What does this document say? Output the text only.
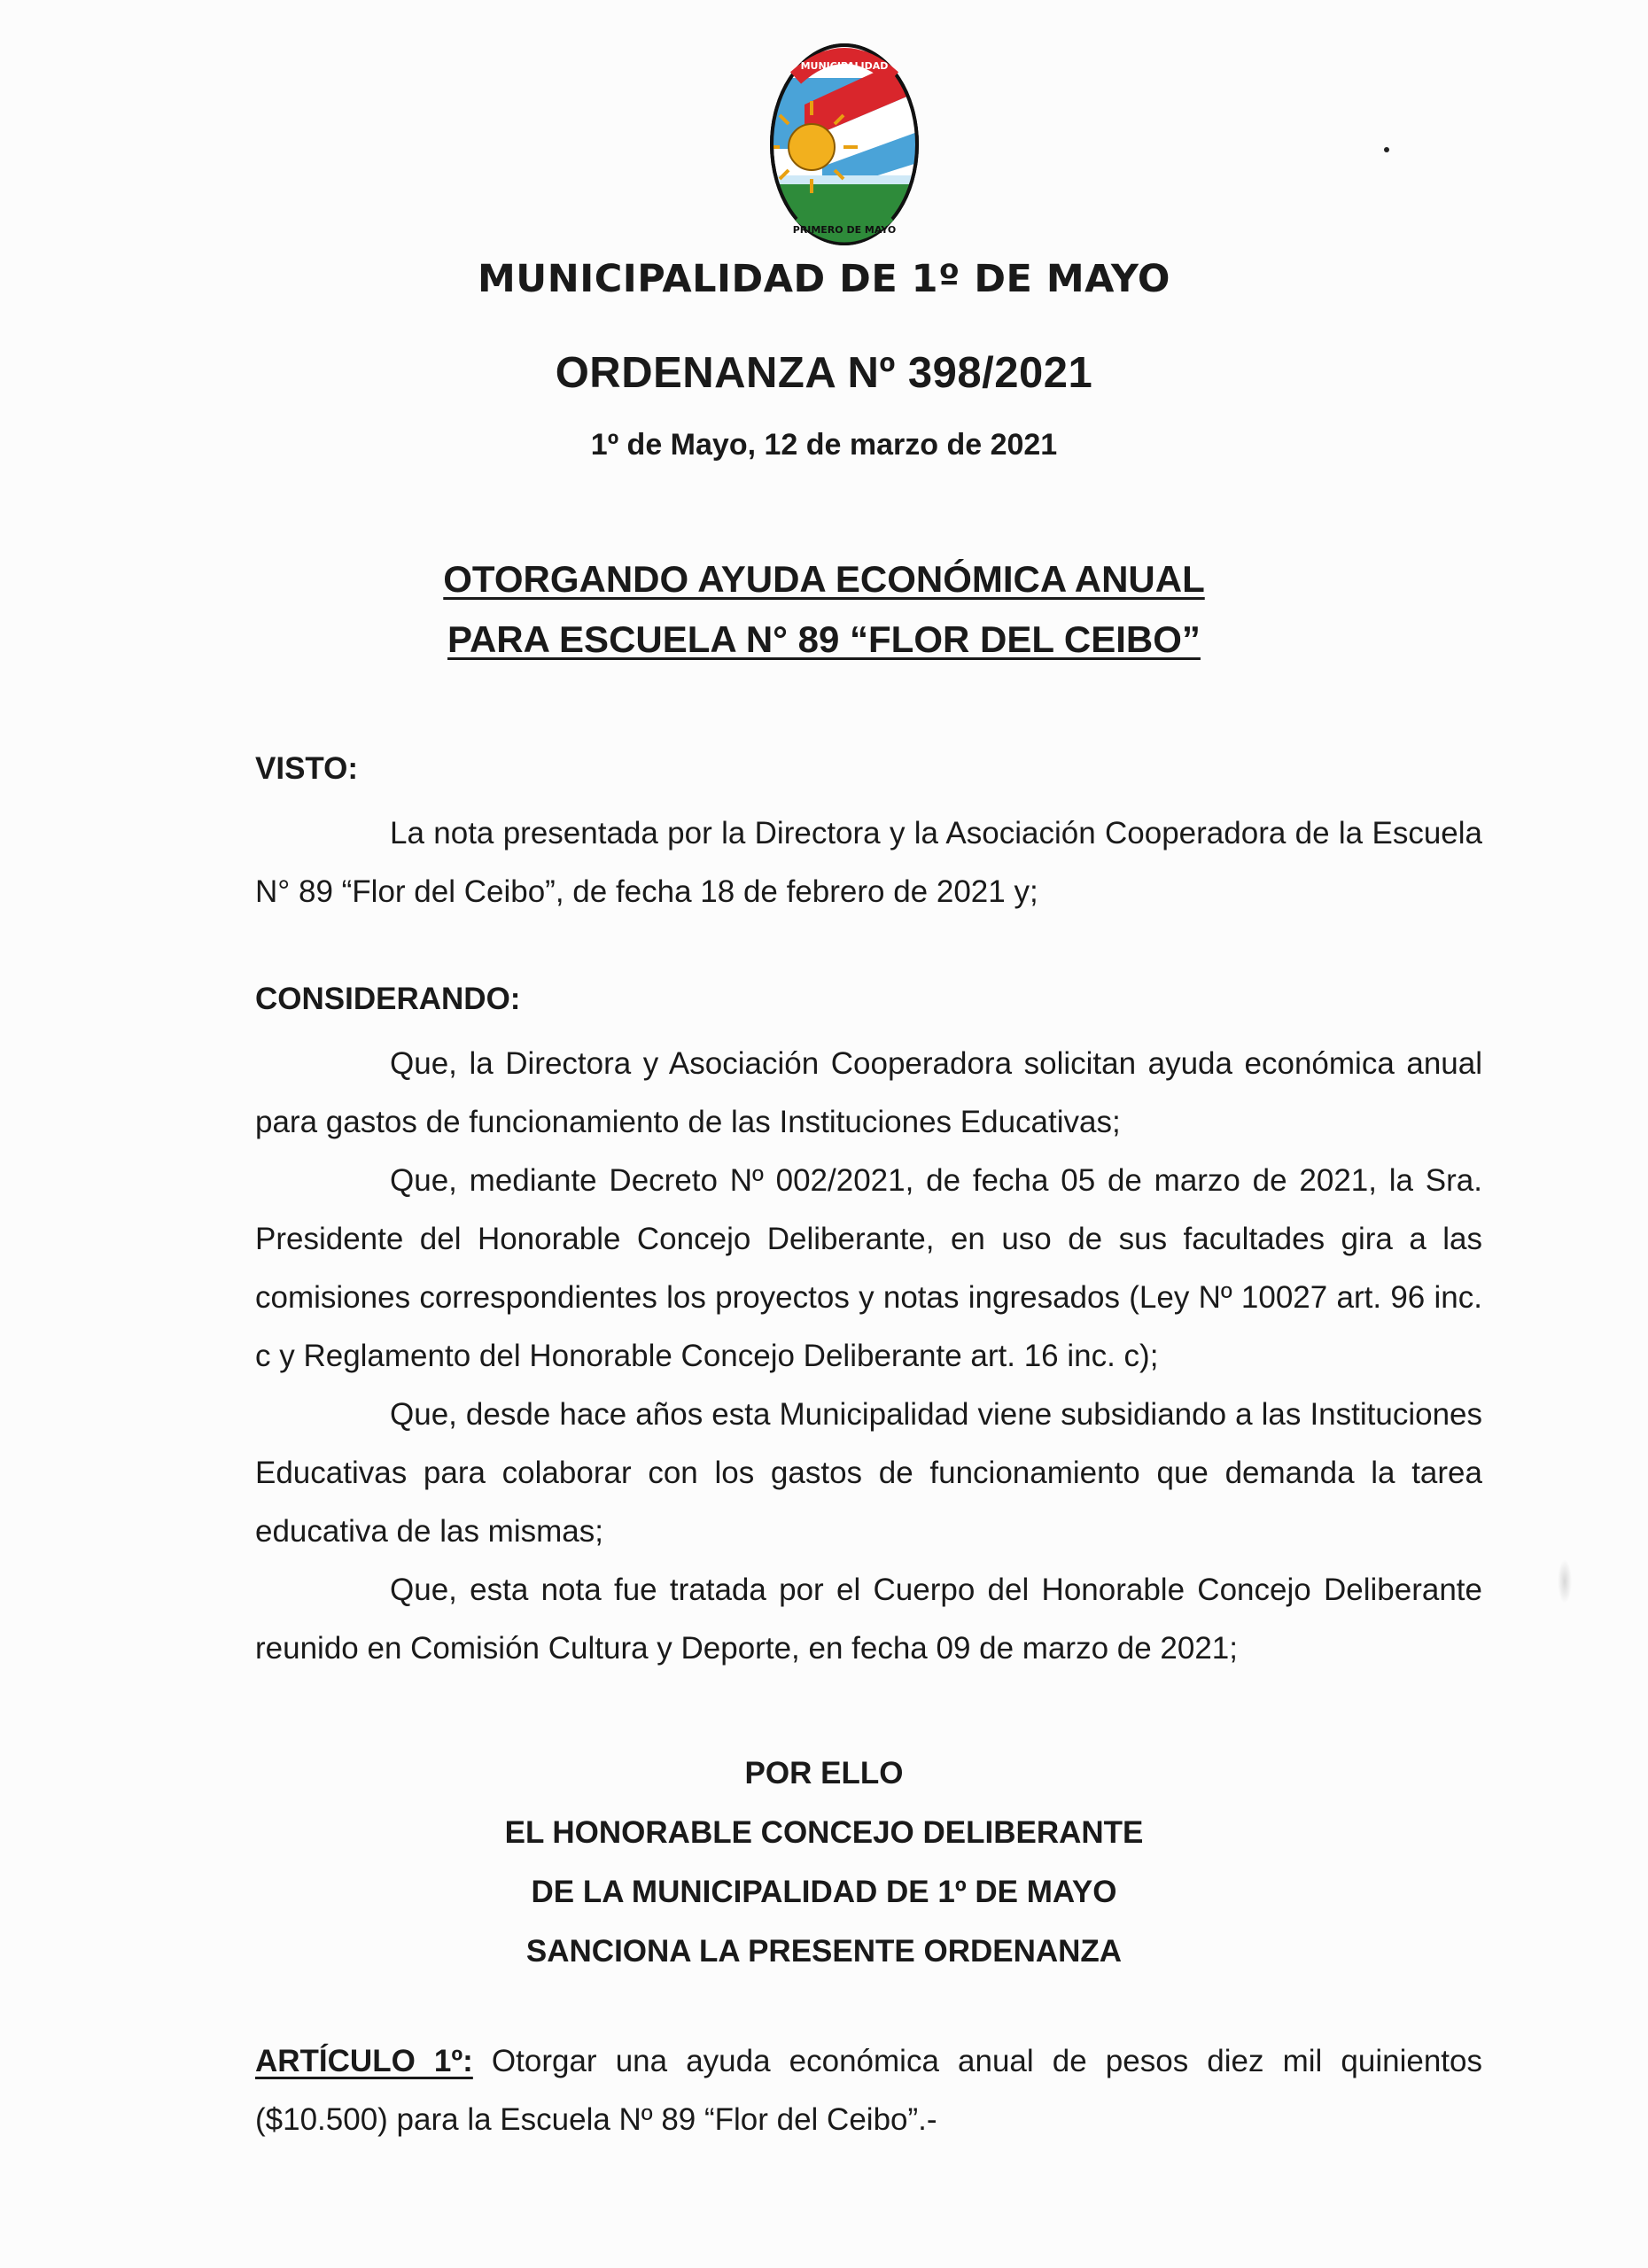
MUNICIPALIDAD
PRIMERO DE MAYO
MUNICIPALIDAD DE 1º DE MAYO
ORDENANZA Nº 398/2021
1º de Mayo, 12 de marzo de 2021
OTORGANDO AYUDA ECONÓMICA ANUAL
PARA ESCUELA N° 89 “FLOR DEL CEIBO”
VISTO:

La nota presentada por la Directora y la Asociación Cooperadora de la Escuela N° 89 “Flor del Ceibo”, de fecha 18 de febrero de 2021 y;

CONSIDERANDO:

Que, la Directora y Asociación Cooperadora solicitan ayuda económica anual para gastos de funcionamiento de las Instituciones Educativas;

Que, mediante Decreto Nº 002/2021, de fecha 05 de marzo de 2021, la Sra. Presidente del Honorable Concejo Deliberante, en uso de sus facultades gira a las comisiones correspondientes los proyectos y notas ingresados (Ley Nº 10027 art. 96 inc. c y Reglamento del Honorable Concejo Deliberante art. 16 inc. c);

Que, desde hace años esta Municipalidad viene subsidiando a las Instituciones Educativas para colaborar con los gastos de funcionamiento que demanda la tarea educativa de las mismas;

Que, esta nota fue tratada por el Cuerpo del Honorable Concejo Deliberante reunido en Comisión Cultura y Deporte, en fecha 09 de marzo de 2021;

POR ELLO
EL HONORABLE CONCEJO DELIBERANTE
DE LA MUNICIPALIDAD DE 1º DE MAYO
SANCIONA LA PRESENTE ORDENANZA

ARTÍCULO 1º: Otorgar una ayuda económica anual de pesos diez mil quinientos ($10.500) para la Escuela Nº 89 “Flor del Ceibo”.-
